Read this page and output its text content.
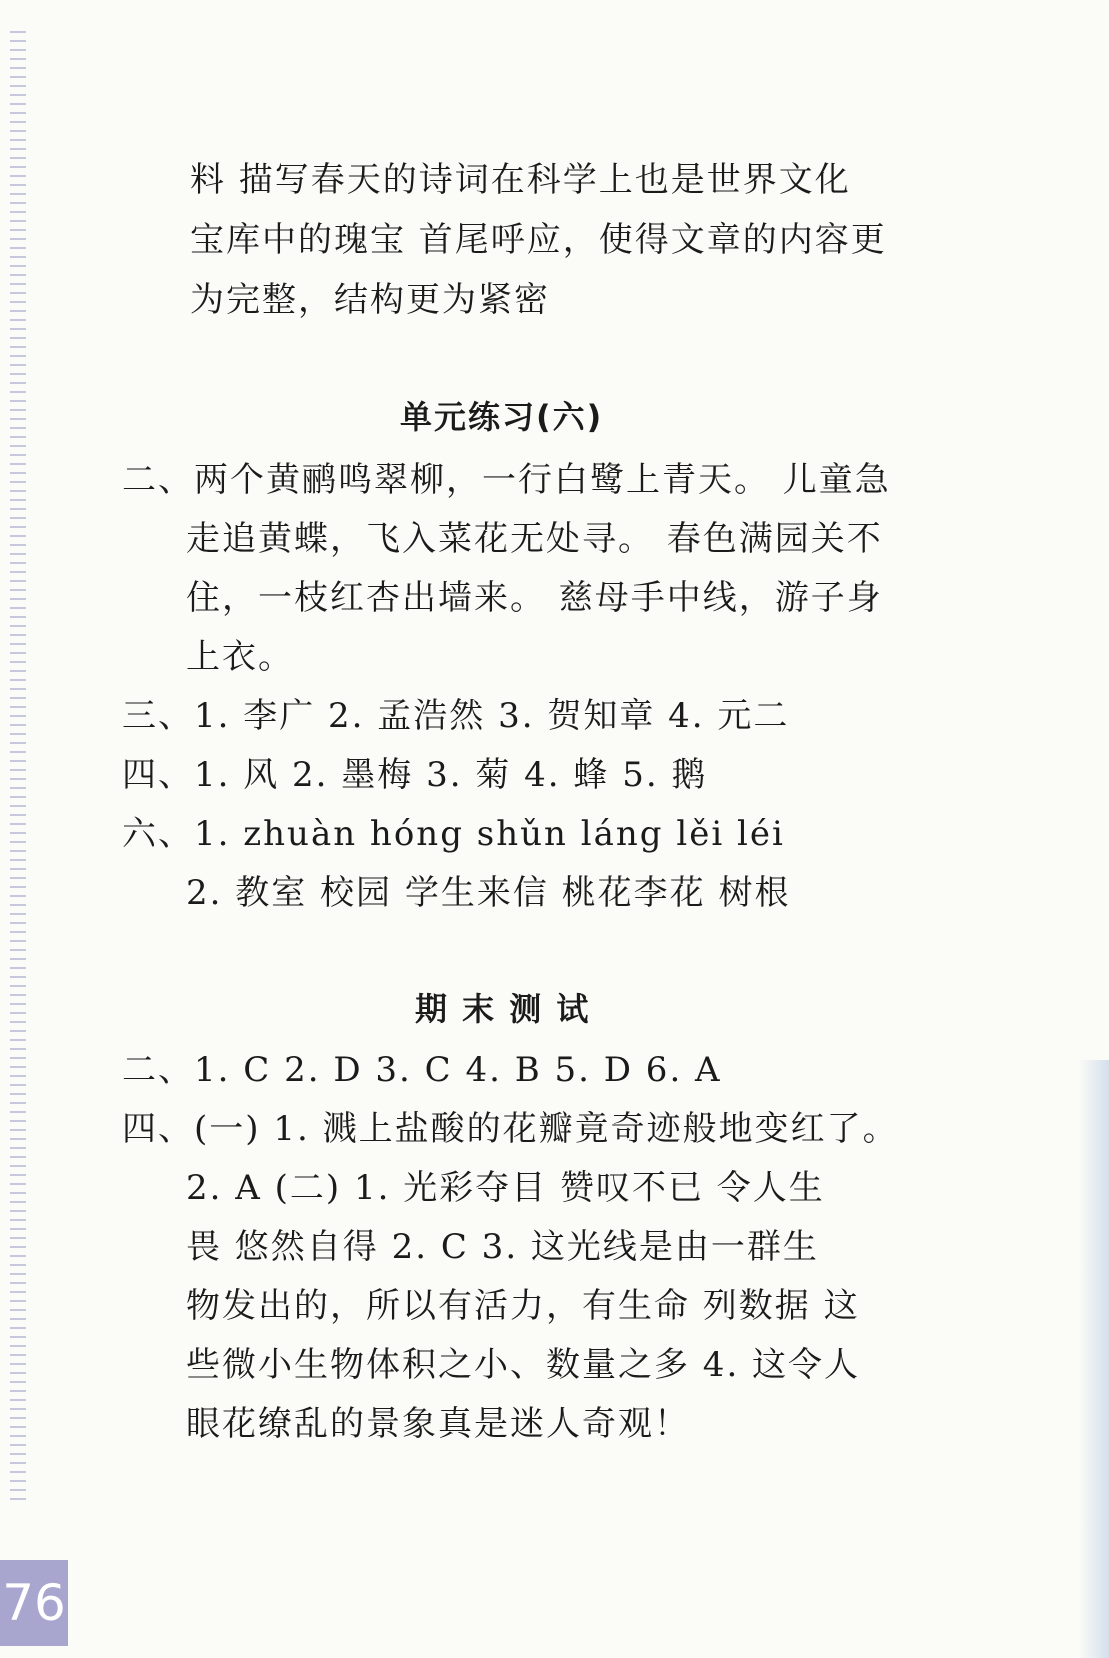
料 描写春天的诗词在科学上也是世界文化
宝库中的瑰宝 首尾呼应，使得文章的内容更
为完整，结构更为紧密
单元练习(六)
二、两个黄鹂鸣翠柳，一行白鹭上青天。 儿童急
走追黄蝶，飞入菜花无处寻。 春色满园关不
住，一枝红杏出墙来。 慈母手中线，游子身
上衣。
三、1. 李广 2. 孟浩然 3. 贺知章 4. 元二
四、1. 风 2. 墨梅 3. 菊 4. 蜂 5. 鹅
六、1. zhuàn hóng shǔn láng lěi léi
2. 教室 校园 学生来信 桃花李花 树根
期 末 测 试
二、1. C 2. D 3. C 4. B 5. D 6. A
四、(一) 1. 溅上盐酸的花瓣竟奇迹般地变红了。
2. A (二) 1. 光彩夺目 赞叹不已 令人生
畏 悠然自得 2. C 3. 这光线是由一群生
物发出的，所以有活力，有生命 列数据 这
些微小生物体积之小、数量之多 4. 这令人
眼花缭乱的景象真是迷人奇观！
76
